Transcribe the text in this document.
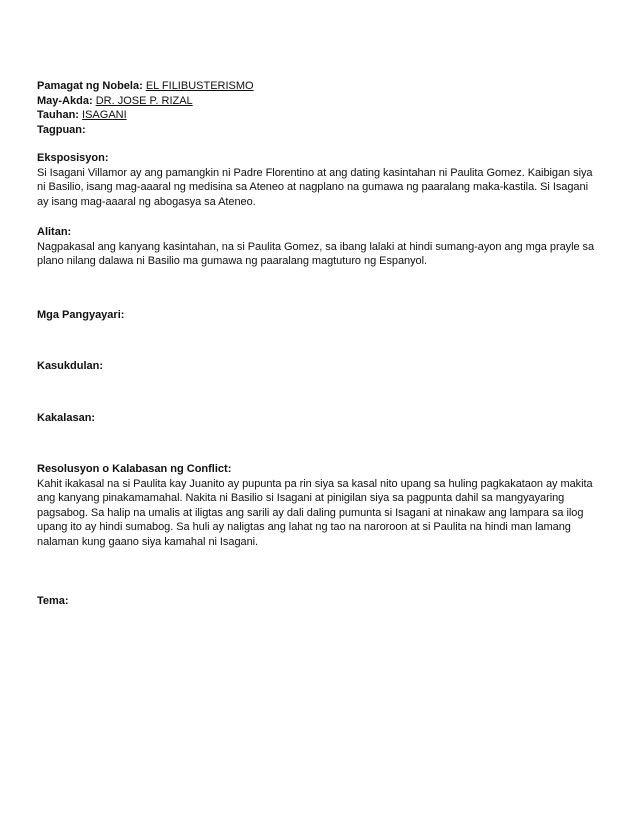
Pamagat ng Nobela: EL FILIBUSTERISMO
May-Akda: DR. JOSE P. RIZAL
Tauhan: ISAGANI
Tagpuan:
Eksposisyon:
Si Isagani Villamor ay ang pamangkin ni Padre Florentino at ang dating kasintahan ni Paulita Gomez. Kaibigan siya ni Basilio, isang mag-aaaral ng medisina sa Ateneo at nagplano na gumawa ng paaralang maka-kastila. Si Isagani ay isang mag-aaaral ng abogasya sa Ateneo.
Alitan:
Nagpakasal ang kanyang kasintahan, na si Paulita Gomez, sa ibang lalaki at hindi sumang-ayon ang mga prayle sa plano nilang dalawa ni Basilio ma gumawa ng paaralang magtuturo ng Espanyol.
Mga Pangyayari:
Kasukdulan:
Kakalasan:
Resolusyon o Kalabasan ng Conflict:
Kahit ikakasal na si Paulita kay Juanito ay pupunta pa rin siya sa kasal nito upang sa huling pagkakataon ay makita ang kanyang pinakamamahal. Nakita ni Basilio si Isagani at pinigilan siya sa pagpunta dahil sa mangyayaring pagsabog. Sa halip na umalis at iligtas ang sarili ay dali daling pumunta si Isagani at ninakaw ang lampara sa ilog upang ito ay hindi sumabog. Sa huli ay naligtas ang lahat ng tao na naroroon at si Paulita na hindi man lamang nalaman kung gaano siya kamahal ni Isagani.
Tema:
